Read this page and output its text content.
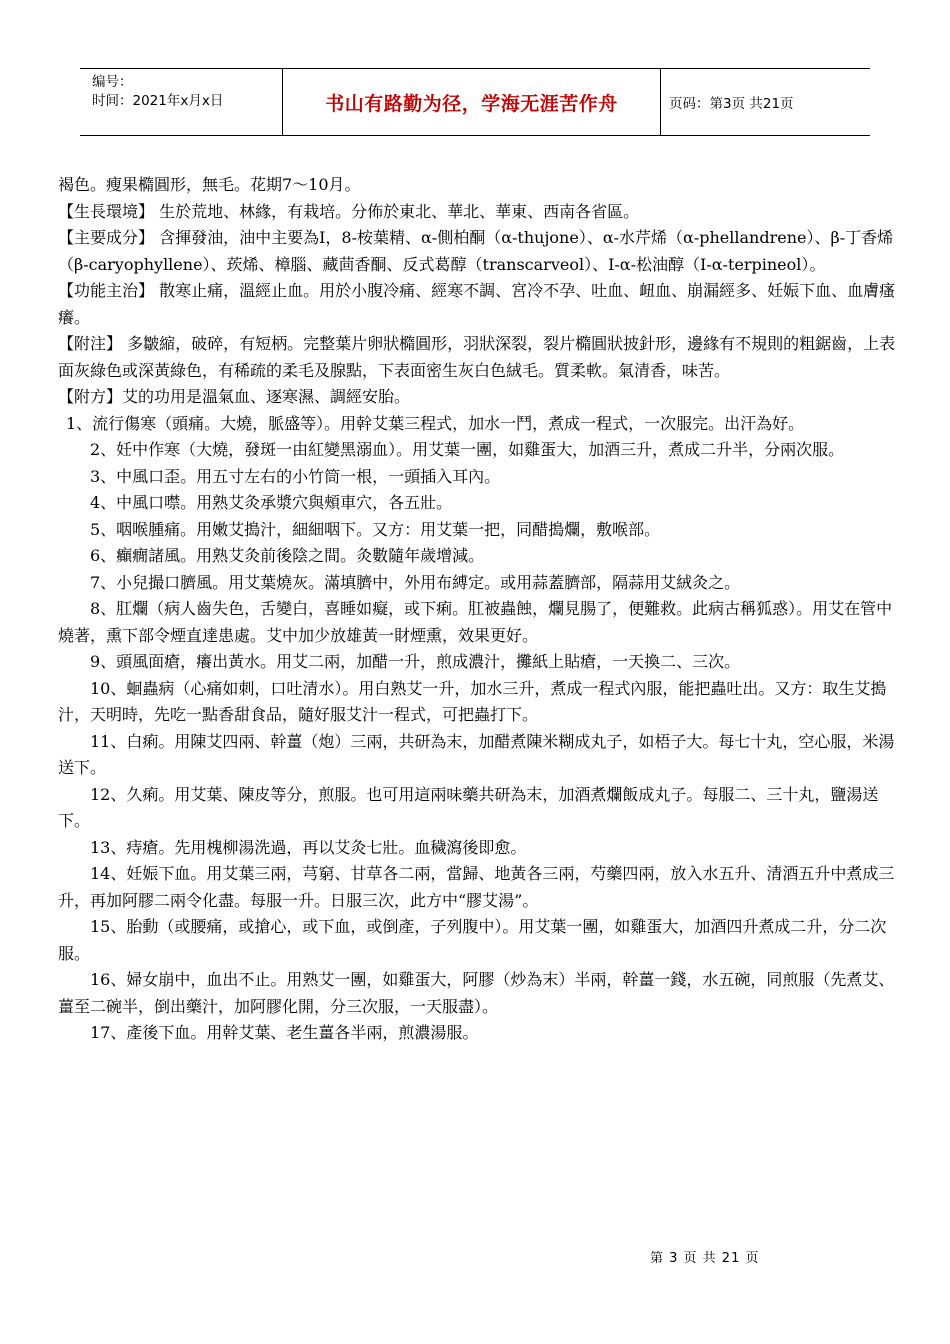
编号：
时间：2021年x月x日	书山有路勤为径，学海无涯苦作舟	页码：第3页 共21页

褐色。瘦果橢圓形，無毛。花期7～10月。

【生長環境】 生於荒地、林緣，有栽培。分佈於東北、華北、華東、西南各省區。

【主要成分】 含揮發油，油中主要為Ⅰ，8-桉葉精、α-側柏酮（α-thujone）、α-水芹烯（α-phellandrene）、β-丁香烯（β-caryophyllene）、莰烯、樟腦、藏茴香酮、反式葛醇（transcarveol）、Ⅰ-α-松油醇（Ⅰ-α-terpineol）。

【功能主治】 散寒止痛，溫經止血。用於小腹冷痛、經寒不調、宮冷不孕、吐血、衄血、崩漏經多、妊娠下血、血膚瘙癢。

【附注】 多皺縮，破碎，有短柄。完整葉片卵狀橢圓形，羽狀深裂，裂片橢圓狀披針形，邊緣有不規則的粗鋸齒，上表面灰綠色或深黃綠色，有稀疏的柔毛及腺點，下表面密生灰白色絨毛。質柔軟。氣清香，味苦。

【附方】艾的功用是溫氣血、逐寒濕、調經安胎。

1、流行傷寒（頭痛。大燒，脈盛等）。用幹艾葉三程式，加水一鬥，煮成一程式，一次服完。出汗為好。

2、妊中作寒（大燒，發斑一由紅變黑溺血）。用艾葉一團，如雞蛋大，加酒三升，煮成二升半，分兩次服。

3、中風口歪。用五寸左右的小竹筒一根，一頭插入耳內。

4、中風口噤。用熟艾灸承漿穴與頰車穴，各五壯。

5、咽喉腫痛。用嫩艾搗汁，細細咽下。又方：用艾葉一把，同醋搗爛，敷喉部。

6、癲癇諸風。用熟艾灸前後陰之間。灸數隨年歲增減。

7、小兒撮口臍風。用艾葉燒灰。滿填臍中，外用布縛定。或用蒜蓋臍部，隔蒜用艾絨灸之。

8、肛爛（病人齒失色，舌變白，喜睡如癡，或下痢。肛被蟲蝕，爛見腸了，便難救。此病古稱狐惑）。用艾在管中燒著，熏下部令煙直達患處。艾中加少放雄黃一財煙熏，效果更好。

9、頭風面瘡，癢出黃水。用艾二兩，加醋一升，煎成濃汁，攤紙上貼瘡，一天換二、三次。

10、蛔蟲病（心痛如刺，口吐清水）。用白熟艾一升，加水三升，煮成一程式內服，能把蟲吐出。又方：取生艾搗汁，天明時，先吃一點香甜食品，隨好服艾汁一程式，可把蟲打下。

11、白痢。用陳艾四兩、幹薑（炮）三兩，共研為末，加醋煮陳米糊成丸子，如梧子大。每七十丸，空心服，米湯送下。

12、久痢。用艾葉、陳皮等分，煎服。也可用這兩味藥共研為末，加酒煮爛飯成丸子。每服二、三十丸，鹽湯送下。

13、痔瘡。先用槐柳湯洗過，再以艾灸七壯。血穢瀉後即愈。

14、妊娠下血。用艾葉三兩，芎窮、甘草各二兩，當歸、地黃各三兩，芍藥四兩，放入水五升、清酒五升中煮成三升，再加阿膠二兩令化盡。每服一升。日服三次，此方中“膠艾湯”。

15、胎動（或腰痛，或搶心，或下血，或倒產，子列腹中）。用艾葉一團，如雞蛋大，加酒四升煮成二升，分二次服。

16、婦女崩中，血出不止。用熟艾一團，如雞蛋大，阿膠（炒為末）半兩，幹薑一錢，水五碗，同煎服（先煮艾、薑至二碗半，倒出藥汁，加阿膠化開，分三次服，一天服盡）。

17、產後下血。用幹艾葉、老生薑各半兩，煎濃湯服。

第 3 页 共 21 页
